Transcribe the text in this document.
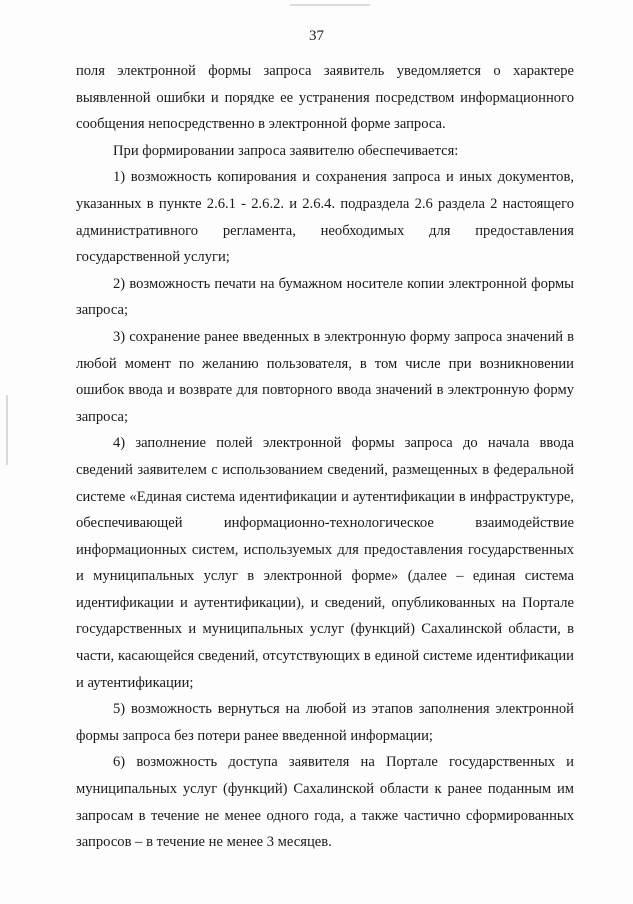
37

поля электронной формы запроса заявитель уведомляется о характере выявленной ошибки и порядке ее устранения посредством информационного сообщения непосредственно в электронной форме запроса.

При формировании запроса заявителю обеспечивается:

1) возможность копирования и сохранения запроса и иных документов, указанных в пункте 2.6.1 - 2.6.2. и 2.6.4. подраздела 2.6 раздела 2 настоящего административного регламента, необходимых для предоставления государственной услуги;

2) возможность печати на бумажном носителе копии электронной формы запроса;

3) сохранение ранее введенных в электронную форму запроса значений в любой момент по желанию пользователя, в том числе при возникновении ошибок ввода и возврате для повторного ввода значений в электронную форму запроса;

4) заполнение полей электронной формы запроса до начала ввода сведений заявителем с использованием сведений, размещенных в федеральной системе «Единая система идентификации и аутентификации в инфраструктуре, обеспечивающей информационно-технологическое взаимодействие информационных систем, используемых для предоставления государственных и муниципальных услуг в электронной форме» (далее – единая система идентификации и аутентификации), и сведений, опубликованных на Портале государственных и муниципальных услуг (функций) Сахалинской области, в части, касающейся сведений, отсутствующих в единой системе идентификации и аутентификации;

5) возможность вернуться на любой из этапов заполнения электронной формы запроса без потери ранее введенной информации;

6) возможность доступа заявителя на Портале государственных и муниципальных услуг (функций) Сахалинской области к ранее поданным им запросам в течение не менее одного года, а также частично сформированных запросов – в течение не менее 3 месяцев.
